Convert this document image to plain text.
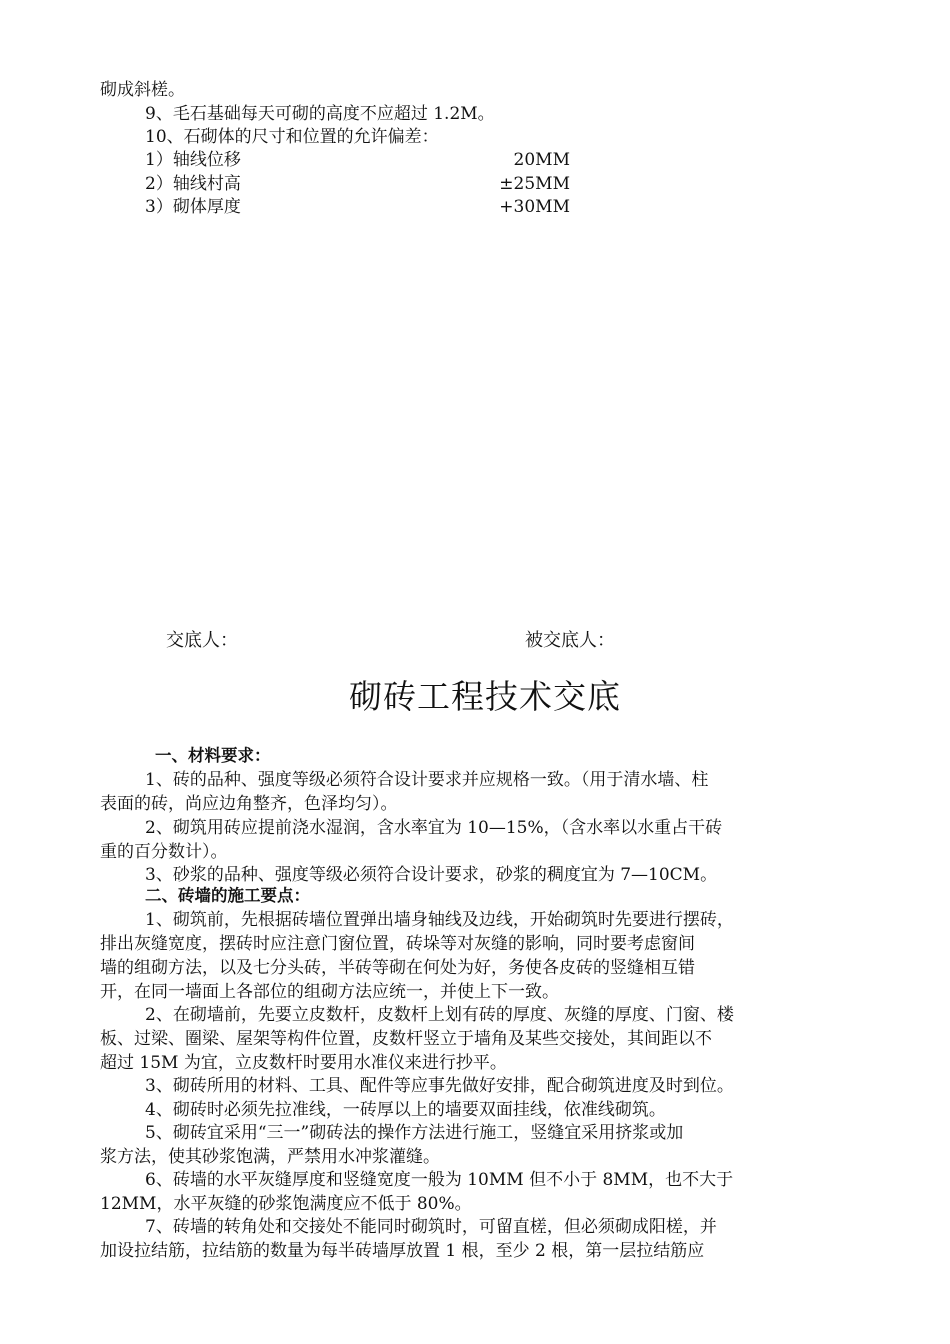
砌成斜槎。
9、毛石基础每天可砌的高度不应超过 1.2M。
10、石砌体的尺寸和位置的允许偏差：
1）轴线位移	20MM
2）轴线村高	±25MM
3）砌体厚度	+30MM
交底人：	被交底人：
砌砖工程技术交底
一、材料要求：
1、砖的品种、强度等级必须符合设计要求并应规格一致。（用于清水墙、柱
表面的砖，尚应边角整齐，色泽均匀）。
2、砌筑用砖应提前浇水湿润，含水率宜为 10—15%，（含水率以水重占干砖
重的百分数计）。
3、砂浆的品种、强度等级必须符合设计要求，砂浆的稠度宜为 7—10CM。
二、砖墙的施工要点：
1、砌筑前，先根据砖墙位置弹出墙身轴线及边线，开始砌筑时先要进行摆砖，
排出灰缝宽度，摆砖时应注意门窗位置，砖垛等对灰缝的影响，同时要考虑窗间
墙的组砌方法，以及七分头砖，半砖等砌在何处为好，务使各皮砖的竖缝相互错
开，在同一墙面上各部位的组砌方法应统一，并使上下一致。
2、在砌墙前，先要立皮数杆，皮数杆上划有砖的厚度、灰缝的厚度、门窗、楼
板、过梁、圈梁、屋架等构件位置，皮数杆竖立于墙角及某些交接处，其间距以不
超过 15M 为宜，立皮数杆时要用水准仪来进行抄平。
3、砌砖所用的材料、工具、配件等应事先做好安排，配合砌筑进度及时到位。
4、砌砖时必须先拉准线，一砖厚以上的墙要双面挂线，依准线砌筑。
5、砌砖宜采用“三一”砌砖法的操作方法进行施工，竖缝宜采用挤浆或加
浆方法，使其砂浆饱满，严禁用水冲浆灌缝。
6、砖墙的水平灰缝厚度和竖缝宽度一般为 10MM 但不小于 8MM，也不大于
12MM，水平灰缝的砂浆饱满度应不低于 80%。
7、砖墙的转角处和交接处不能同时砌筑时，可留直槎，但必须砌成阳槎，并
加设拉结筋，拉结筋的数量为每半砖墙厚放置 1 根，至少 2 根，第一层拉结筋应
